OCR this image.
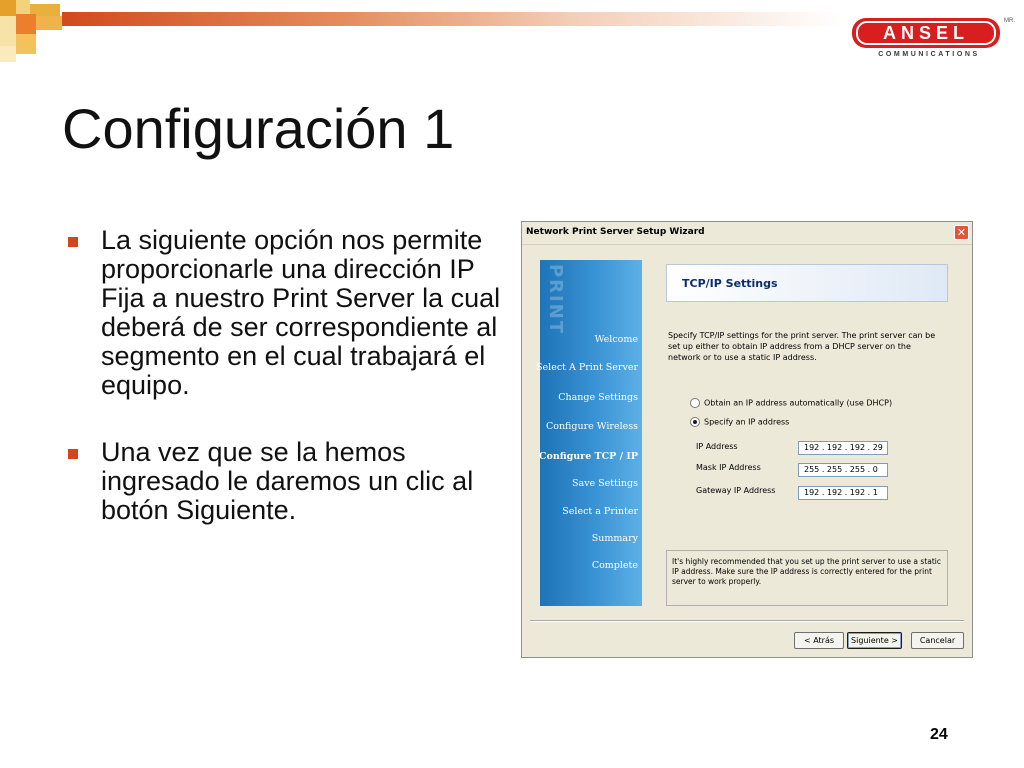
ANSEL
COMMUNICATIONS
MR.
Configuración 1
La siguiente opción nos permite proporcionarle una dirección IP Fija a nuestro Print Server la cual deberá de ser correspondiente al segmento en el cual trabajará el equipo.
Una vez que se la hemos ingresado le daremos un clic al botón Siguiente.
Network Print Server Setup Wizard	✕
PRINT
Welcome
Select A Print Server
Change Settings
Configure Wireless
Configure TCP / IP
Save Settings
Select a Printer
Summary
Complete
TCP/IP Settings
Specify TCP/IP settings for the print server. The print server can be set up either to obtain IP address from a DHCP server on the network or to use a static IP address.
Obtain an IP address automatically (use DHCP)
Specify an IP address
IP Address	192 . 192 . 192 . 29
Mask IP Address	255 . 255 . 255 . 0
Gateway IP Address	192 . 192 . 192 . 1
It's highly recommended that you set up the print server to use a static IP address. Make sure the IP address is correctly entered for the print server to work properly.
< Atrás	Siguiente >	Cancelar
24
